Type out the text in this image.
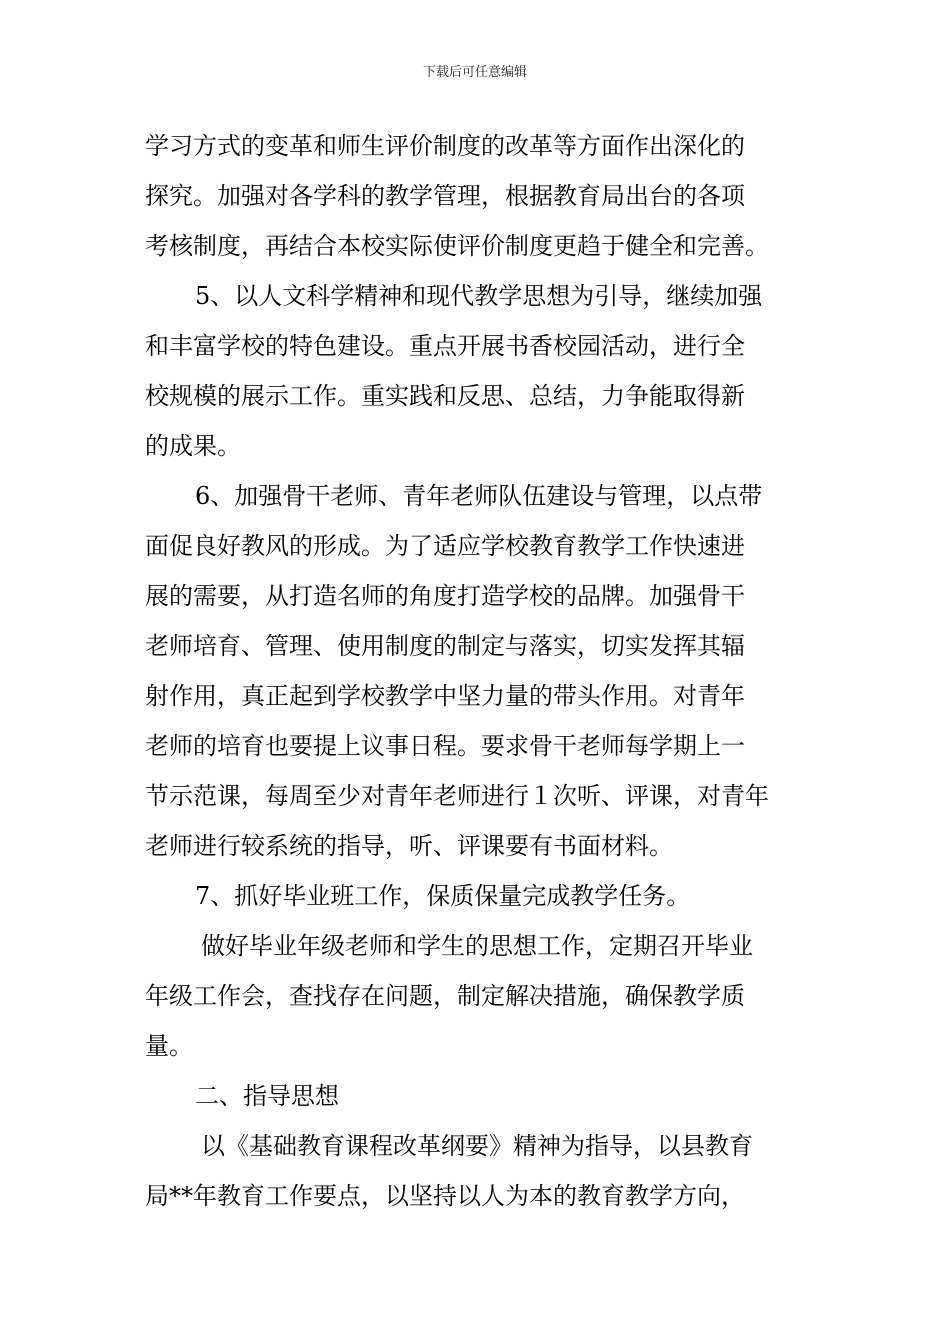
下载后可任意编辑
学习方式的变革和师生评价制度的改革等方面作出深化的
探究。加强对各学科的教学管理，根据教育局出台的各项
考核制度，再结合本校实际使评价制度更趋于健全和完善。
5、以人文科学精神和现代教学思想为引导，继续加强
和丰富学校的特色建设。重点开展书香校园活动，进行全
校规模的展示工作。重实践和反思、总结，力争能取得新
的成果。
6、加强骨干老师、青年老师队伍建设与管理，以点带
面促良好教风的形成。为了适应学校教育教学工作快速进
展的需要，从打造名师的角度打造学校的品牌。加强骨干
老师培育、管理、使用制度的制定与落实，切实发挥其辐
射作用，真正起到学校教学中坚力量的带头作用。对青年
老师的培育也要提上议事日程。要求骨干老师每学期上一
节示范课，每周至少对青年老师进行１次听、评课，对青年
老师进行较系统的指导，听、评课要有书面材料。
7、抓好毕业班工作，保质保量完成教学任务。
做好毕业年级老师和学生的思想工作，定期召开毕业
年级工作会，查找存在问题，制定解决措施，确保教学质
量。
二、指导思想
以《基础教育课程改革纲要》精神为指导，以县教育
局**年教育工作要点，以坚持以人为本的教育教学方向，
